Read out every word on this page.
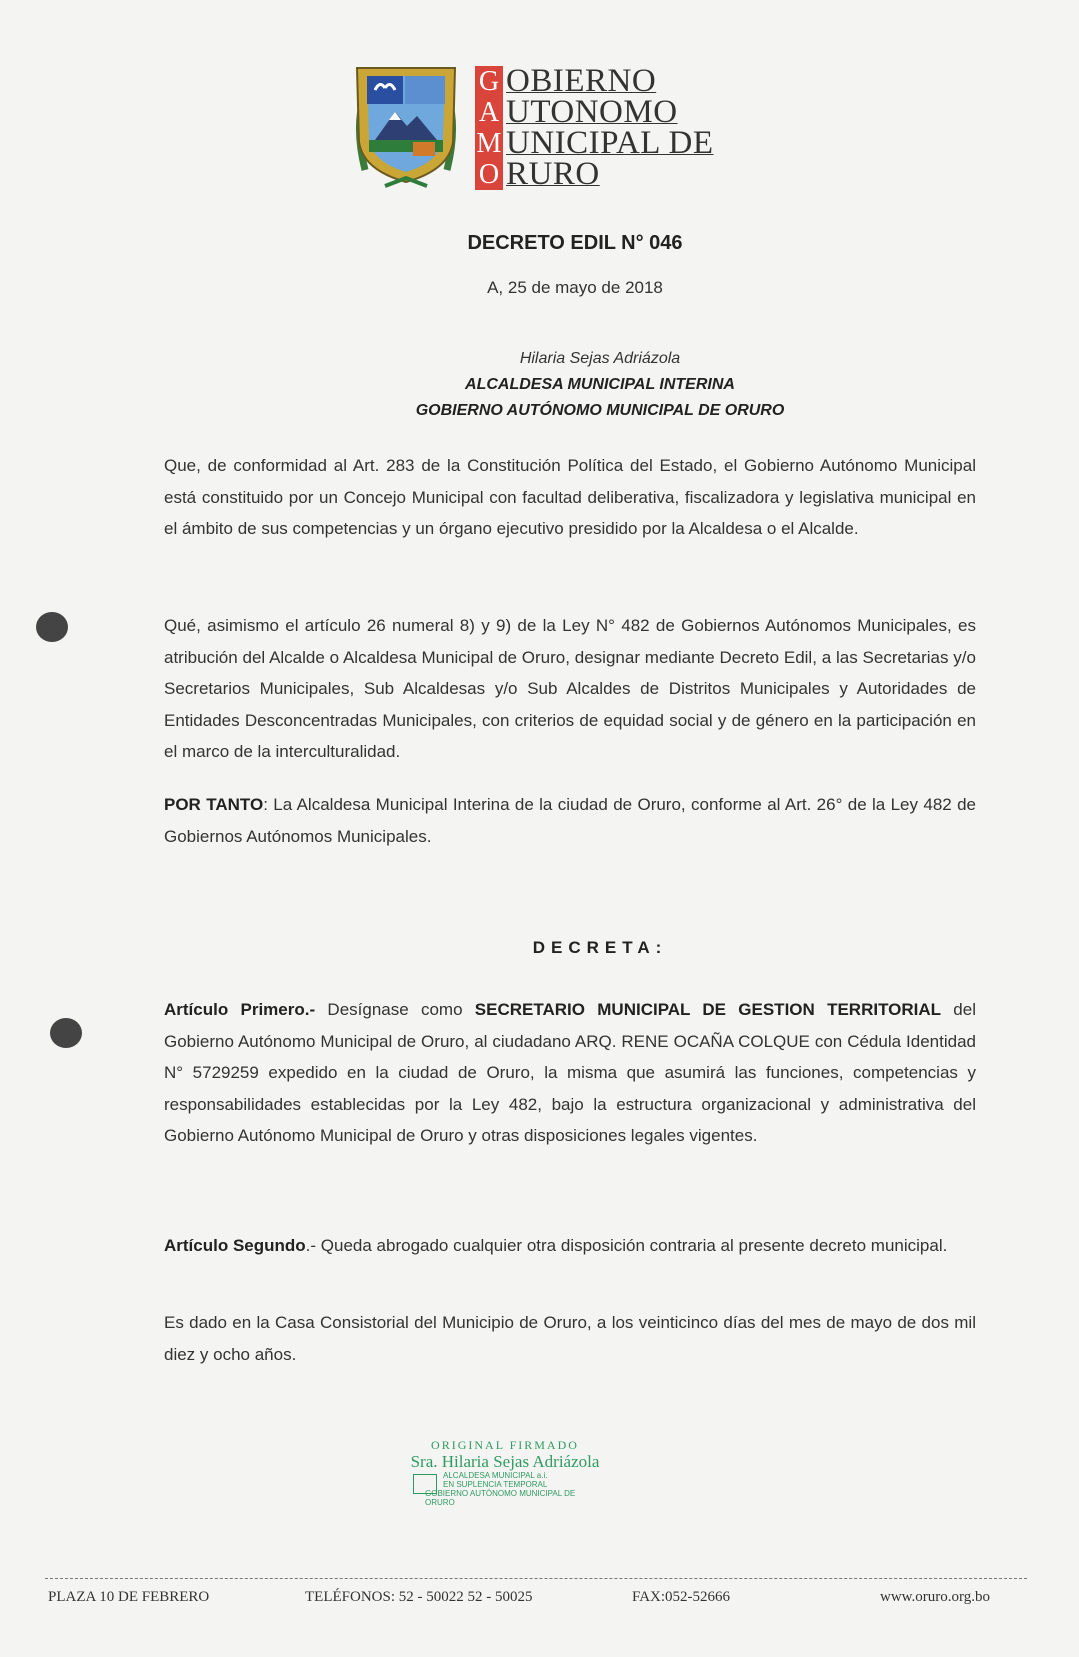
G
A
M
O
OBIERNO
UTONOMO
UNICIPAL DE
RURO
DECRETO EDIL N° 046
A, 25 de mayo de 2018
Hilaria Sejas Adriázola
ALCALDESA MUNICIPAL INTERINA
GOBIERNO AUTÓNOMO MUNICIPAL DE ORURO

Que, de conformidad al Art. 283 de la Constitución Política del Estado, el Gobierno Autónomo Municipal está constituido por un Concejo Municipal con facultad deliberativa, fiscalizadora y legislativa municipal en el ámbito de sus competencias y un órgano ejecutivo presidido por la Alcaldesa o el Alcalde.

Qué, asimismo el artículo 26 numeral 8) y 9) de la Ley N° 482 de Gobiernos Autónomos Municipales, es atribución del Alcalde o Alcaldesa Municipal de Oruro, designar mediante Decreto Edil, a las Secretarias y/o Secretarios Municipales, Sub Alcaldesas y/o Sub Alcaldes de Distritos Municipales y Autoridades de Entidades Desconcentradas Municipales, con criterios de equidad social y de género en la participación en el marco de la interculturalidad.

POR TANTO: La Alcaldesa Municipal Interina de la ciudad de Oruro, conforme al Art. 26° de la Ley 482 de Gobiernos Autónomos Municipales.

DECRETA:

Artículo Primero.- Desígnase como SECRETARIO MUNICIPAL DE GESTION TERRITORIAL del Gobierno Autónomo Municipal de Oruro, al ciudadano ARQ. RENE OCAÑA COLQUE con Cédula Identidad N° 5729259 expedido en la ciudad de Oruro, la misma que asumirá las funciones, competencias y responsabilidades establecidas por la Ley 482, bajo la estructura organizacional y administrativa del Gobierno Autónomo Municipal de Oruro y otras disposiciones legales vigentes.

Artículo Segundo.- Queda abrogado cualquier otra disposición contraria al presente decreto municipal.

Es dado en la Casa Consistorial del Municipio de Oruro, a los veinticinco días del mes de mayo de dos mil diez y ocho años.

ORIGINAL FIRMADO
Sra. Hilaria Sejas Adriázola
ALCALDESA MUNICIPAL a.i.
EN SUPLENCIA TEMPORAL
GOBIERNO AUTÓNOMO MUNICIPAL DE ORURO
PLAZA 10 DE FEBRERO	TELÉFONOS: 52 - 50022 52 - 50025	FAX:052-52666	www.oruro.org.bo
